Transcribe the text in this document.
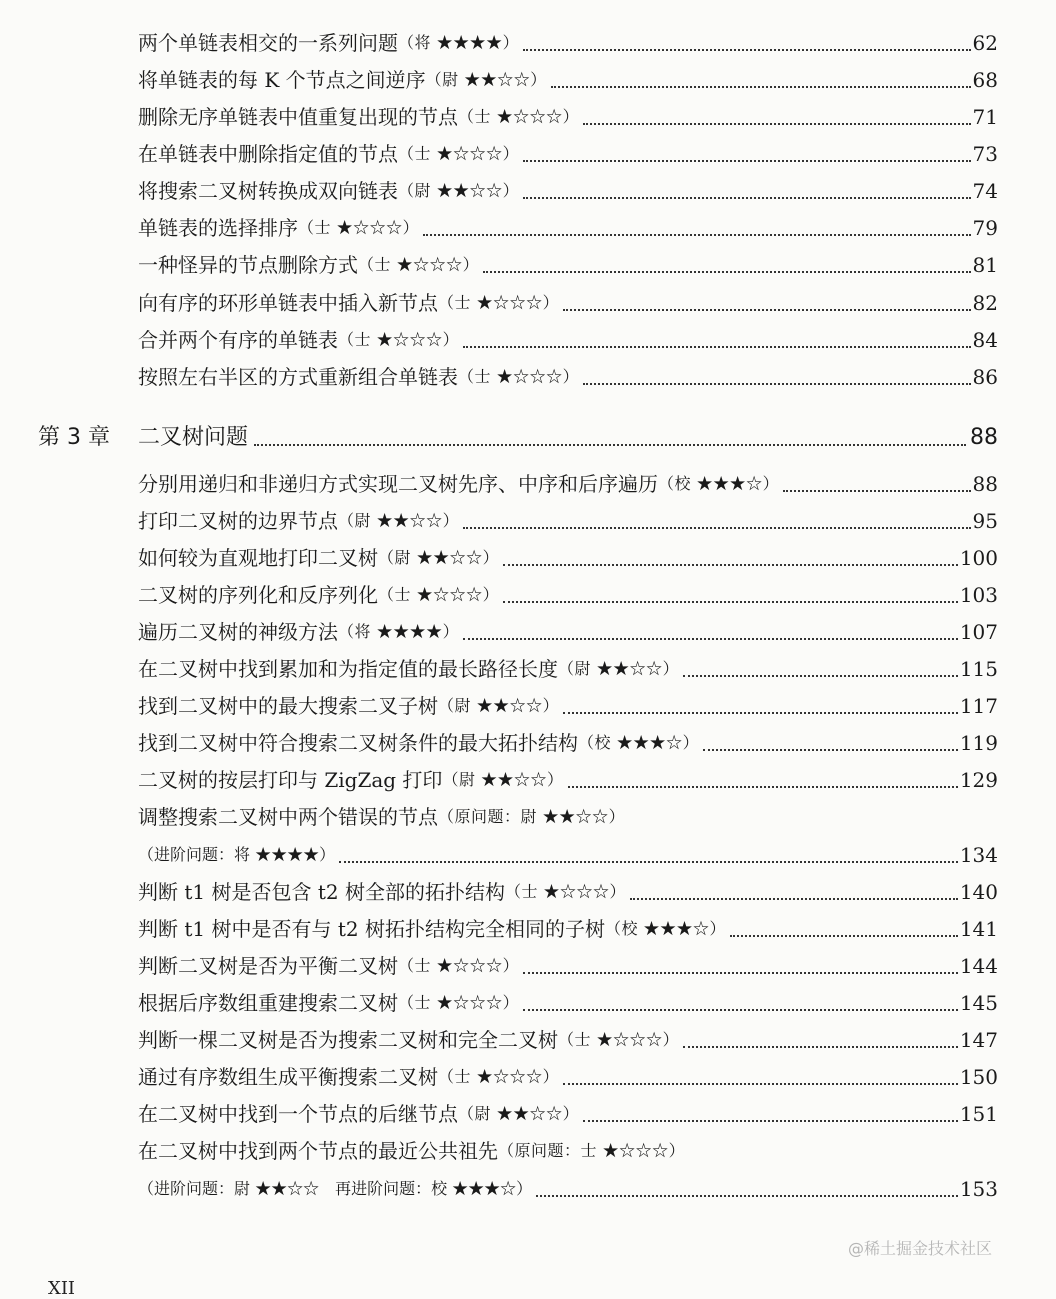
两个单链表相交的一系列问题 （将 ★★★★）	62
将单链表的每 K 个节点之间逆序 （尉 ★★☆☆）	68
删除无序单链表中值重复出现的节点 （士 ★☆☆☆）	71
在单链表中删除指定值的节点 （士 ★☆☆☆）	73
将搜索二叉树转换成双向链表 （尉 ★★☆☆）	74
单链表的选择排序 （士 ★☆☆☆）	79
一种怪异的节点删除方式 （士 ★☆☆☆）	81
向有序的环形单链表中插入新节点 （士 ★☆☆☆）	82
合并两个有序的单链表 （士 ★☆☆☆）	84
按照左右半区的方式重新组合单链表 （士 ★☆☆☆）	86
第 3 章	二叉树问题	88
分别用递归和非递归方式实现二叉树先序、中序和后序遍历 （校 ★★★☆）	88
打印二叉树的边界节点 （尉 ★★☆☆）	95
如何较为直观地打印二叉树 （尉 ★★☆☆）	100
二叉树的序列化和反序列化 （士 ★☆☆☆）	103
遍历二叉树的神级方法 （将 ★★★★）	107
在二叉树中找到累加和为指定值的最长路径长度 （尉 ★★☆☆）	115
找到二叉树中的最大搜索二叉子树 （尉 ★★☆☆）	117
找到二叉树中符合搜索二叉树条件的最大拓扑结构 （校 ★★★☆）	119
二叉树的按层打印与 ZigZag 打印 （尉 ★★☆☆）	129
调整搜索二叉树中两个错误的节点 （原问题：尉 ★★☆☆）
（进阶问题：将 ★★★★）	134
判断 t1 树是否包含 t2 树全部的拓扑结构 （士 ★☆☆☆）	140
判断 t1 树中是否有与 t2 树拓扑结构完全相同的子树 （校 ★★★☆）	141
判断二叉树是否为平衡二叉树 （士 ★☆☆☆）	144
根据后序数组重建搜索二叉树 （士 ★☆☆☆）	145
判断一棵二叉树是否为搜索二叉树和完全二叉树 （士 ★☆☆☆）	147
通过有序数组生成平衡搜索二叉树 （士 ★☆☆☆）	150
在二叉树中找到一个节点的后继节点 （尉 ★★☆☆）	151
在二叉树中找到两个节点的最近公共祖先 （原问题：士 ★☆☆☆）
（进阶问题：尉 ★★☆☆　再进阶问题：校 ★★★☆）	153
@稀土掘金技术社区
XII
